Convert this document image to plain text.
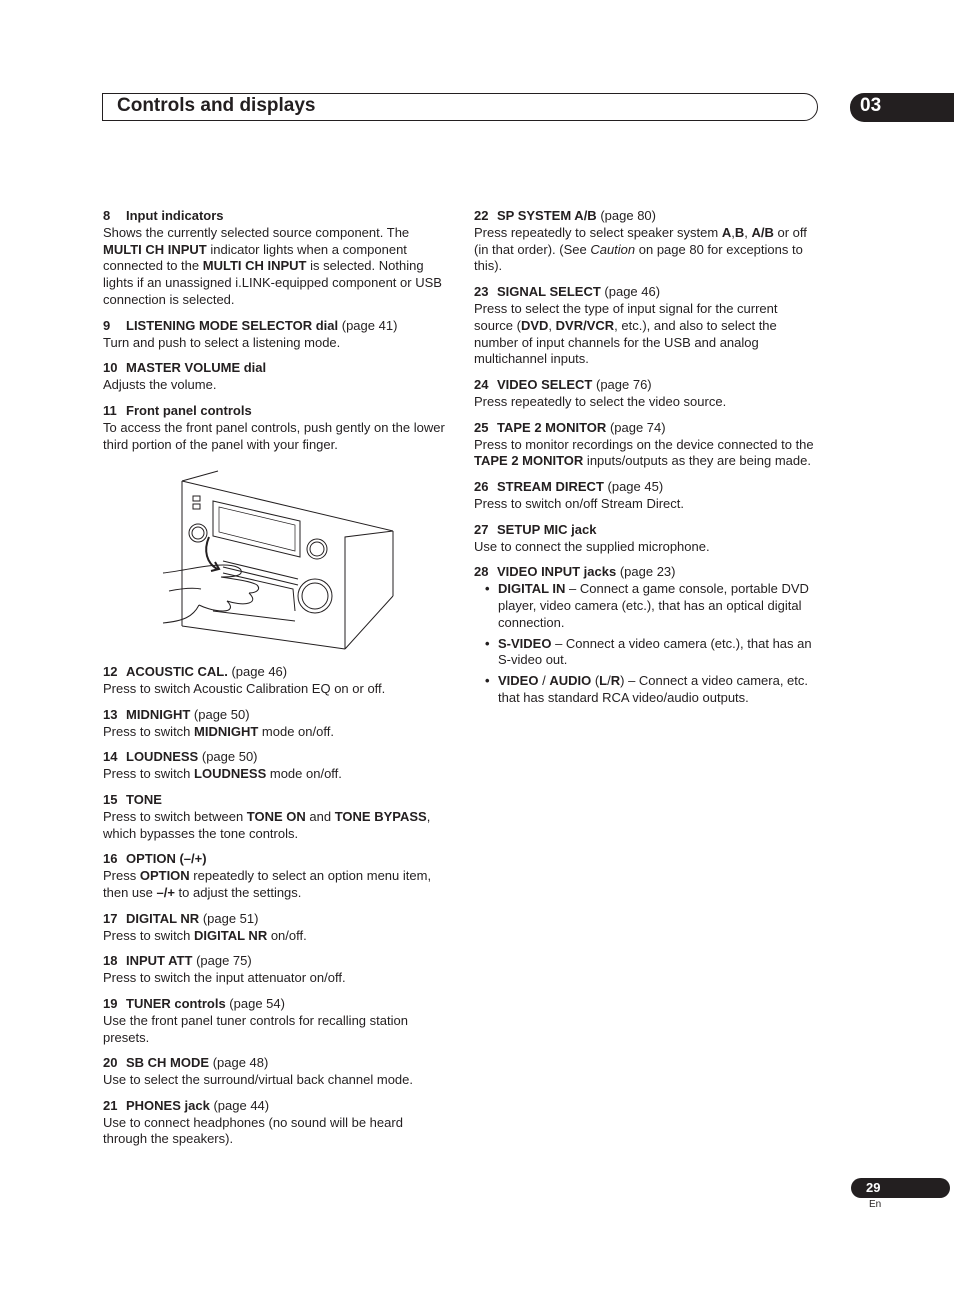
Controls and displays	03
8 Input indicators
Shows the currently selected source component. The MULTI CH INPUT indicator lights when a component connected to the MULTI CH INPUT is selected. Nothing lights if an unassigned i.LINK-equipped component or USB connection is selected.
9 LISTENING MODE SELECTOR dial (page 41)
Turn and push to select a listening mode.
10 MASTER VOLUME dial
Adjusts the volume.
11 Front panel controls
To access the front panel controls, push gently on the lower third portion of the panel with your finger.
12 ACOUSTIC CAL. (page 46)
Press to switch Acoustic Calibration EQ on or off.
13 MIDNIGHT (page 50)
Press to switch MIDNIGHT mode on/off.
14 LOUDNESS (page 50)
Press to switch LOUDNESS mode on/off.
15 TONE
Press to switch between TONE ON and TONE BYPASS, which bypasses the tone controls.
16 OPTION (–/+)
Press OPTION repeatedly to select an option menu item, then use –/+ to adjust the settings.
17 DIGITAL NR (page 51)
Press to switch DIGITAL NR on/off.
18 INPUT ATT (page 75)
Press to switch the input attenuator on/off.
19 TUNER controls (page 54)
Use the front panel tuner controls for recalling station presets.
20 SB CH MODE (page 48)
Use to select the surround/virtual back channel mode.
21 PHONES jack (page 44)
Use to connect headphones (no sound will be heard through the speakers).
22 SP SYSTEM A/B (page 80)
Press repeatedly to select speaker system A,B, A/B or off (in that order). (See Caution on page 80 for exceptions to this).
23 SIGNAL SELECT (page 46)
Press to select the type of input signal for the current source (DVD, DVR/VCR, etc.), and also to select the number of input channels for the USB and analog multichannel inputs.
24 VIDEO SELECT (page 76)
Press repeatedly to select the video source.
25 TAPE 2 MONITOR (page 74)
Press to monitor recordings on the device connected to the TAPE 2 MONITOR inputs/outputs as they are being made.
26 STREAM DIRECT (page 45)
Press to switch on/off Stream Direct.
27 SETUP MIC jack
Use to connect the supplied microphone.
28 VIDEO INPUT jacks (page 23)
• DIGITAL IN – Connect a game console, portable DVD player, video camera (etc.), that has an optical digital connection.
• S-VIDEO – Connect a video camera (etc.), that has an S-video out.
• VIDEO / AUDIO (L/R) – Connect a video camera, etc. that has standard RCA video/audio outputs.
29
En
